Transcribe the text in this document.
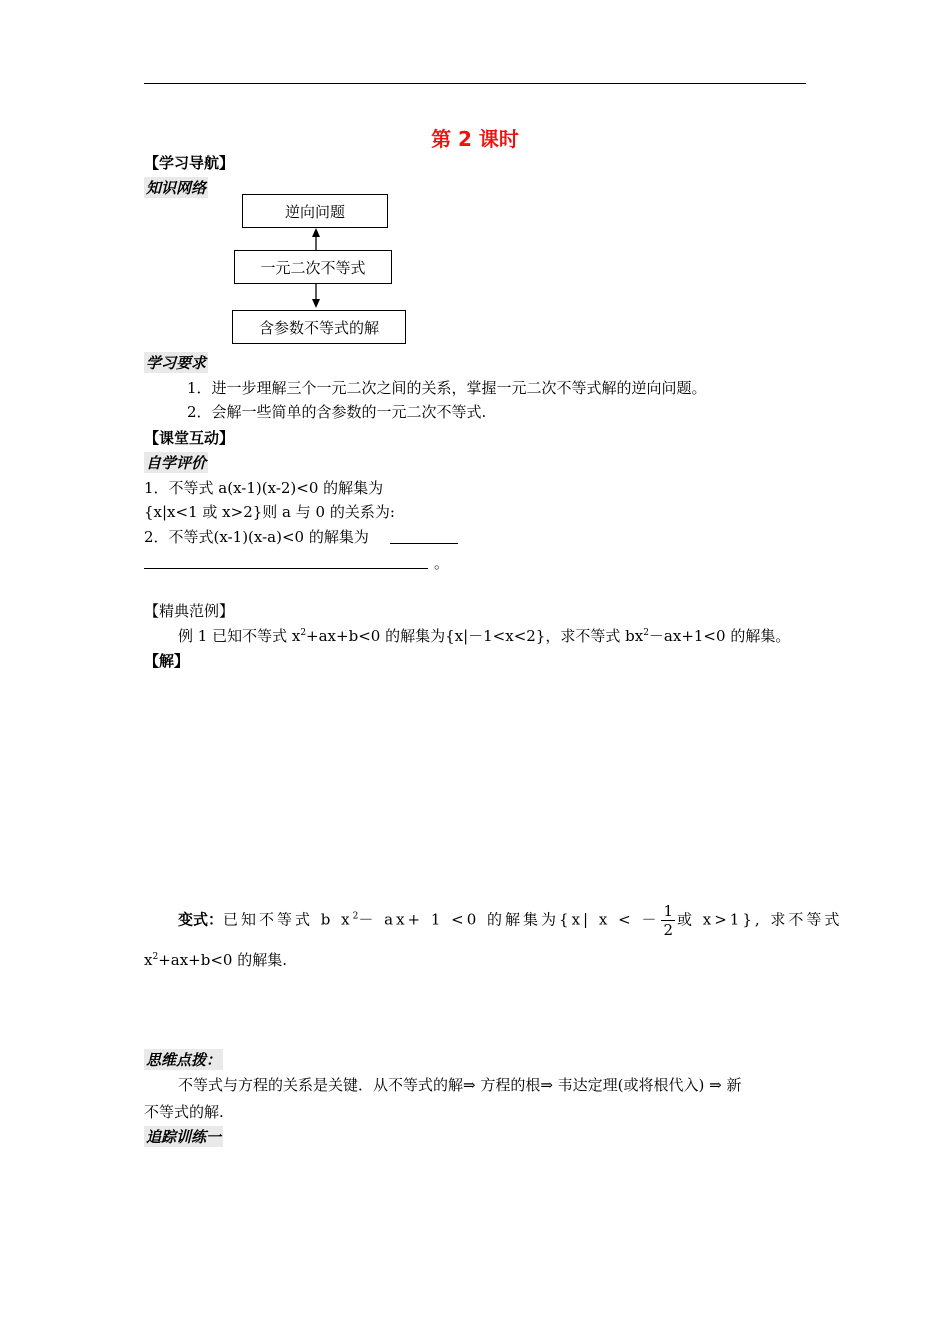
第 2 课时
【学习导航】
知识网络
逆向问题
一元二次不等式
含参数不等式的解
学习要求
1．进一步理解三个一元二次之间的关系，掌握一元二次不等式解的逆向问题。
2．会解一些简单的含参数的一元二次不等式.
【课堂互动】
自学评价
1．不等式 a(x-1)(x-2)<0 的解集为
{x|x<1 或 x>2}则 a 与 0 的关系为:
2．不等式(x-1)(x-a)<0 的解集为
。
【精典范例】
例 1 已知不等式 $x^2+ax+b<0$ 的解集为{x|－1<x<2}，求不等式 $bx^2-ax+1<0$ 的解集。
【解】
变式：已知不等式 b $x^2- ax+ 1 <0$ 的解集为{x| x < － $\frac{1}{2}$ 或 x>1}, 求不等式
$x^2+ax+b<0$ 的解集.
思维点拨：
不等式与方程的关系是关键．从不等式的解⇒ 方程的根⇒ 韦达定理(或将根代入) ⇒ 新
不等式的解.
追踪训练一
